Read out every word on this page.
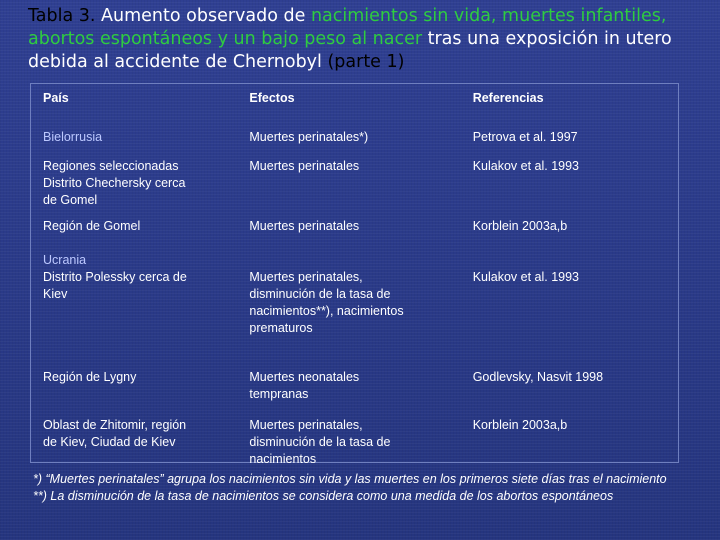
Tabla 3. Aumento observado de nacimientos sin vida, muertes infantiles, abortos espontáneos y un bajo peso al nacer tras una exposición in utero debida al accidente de Chernobyl (parte 1)
País	Efectos	Referencias

Bielorrusia	Muertes perinatales*)	Petrova et al. 1997

Regiones seleccionadas
Distrito Chechersky cerca
de Gomel	Muertes perinatales	Kulakov et al. 1993

Región de Gomel	Muertes perinatales	Korblein 2003a,b

Ucrania
Distrito Polessky cerca de
Kiev	Muertes perinatales,
disminución de la tasa de
nacimientos**), nacimientos
prematuros	Kulakov et al. 1993

Región de Lygny	Muertes neonatales
tempranas	Godlevsky, Nasvit 1998

Oblast de Zhitomir, región
de Kiev, Ciudad de Kiev	Muertes perinatales,
disminución de la tasa de
nacimientos	Korblein 2003a,b
*) “Muertes perinatales” agrupa los nacimientos sin vida y las muertes en los primeros siete días tras el nacimiento
**) La disminución de la tasa de nacimientos se considera como una medida de los abortos espontáneos
